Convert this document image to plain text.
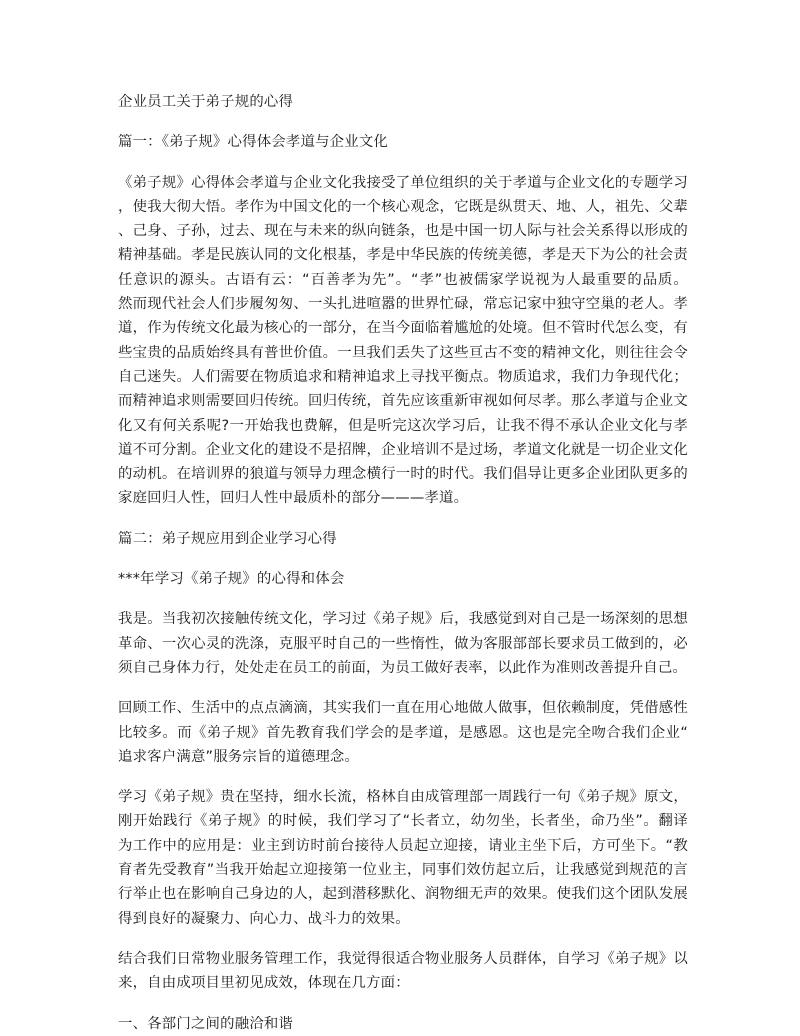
企业员工关于弟子规的心得

篇一：《弟子规》心得体会孝道与企业文化

《弟子规》心得体会孝道与企业文化我接受了单位组织的关于孝道与企业文化的专题学习
，使我大彻大悟。孝作为中国文化的一个核心观念，它既是纵贯天、地、人，祖先、父辈
、己身、子孙，过去、现在与未来的纵向链条，也是中国一切人际与社会关系得以形成的
精神基础。孝是民族认同的文化根基，孝是中华民族的传统美德，孝是天下为公的社会责
任意识的源头。古语有云：“百善孝为先”。“孝”也被儒家学说视为人最重要的品质。
然而现代社会人们步履匆匆、一头扎进喧嚣的世界忙碌，常忘记家中独守空巢的老人。孝
道，作为传统文化最为核心的一部分，在当今面临着尴尬的处境。但不管时代怎么变，有
些宝贵的品质始终具有普世价值。一旦我们丢失了这些亘古不变的精神文化，则往往会令
自己迷失。人们需要在物质追求和精神追求上寻找平衡点。物质追求，我们力争现代化；
而精神追求则需要回归传统。回归传统，首先应该重新审视如何尽孝。那么孝道与企业文
化又有何关系呢?一开始我也费解，但是听完这次学习后，让我不得不承认企业文化与孝
道不可分割。企业文化的建设不是招牌，企业培训不是过场，孝道文化就是一切企业文化
的动机。在培训界的狼道与领导力理念横行一时的时代。我们倡导让更多企业团队更多的
家庭回归人性，回归人性中最质朴的部分———孝道。

篇二：弟子规应用到企业学习心得

***年学习《弟子规》的心得和体会

我是。当我初次接触传统文化，学习过《弟子规》后，我感觉到对自己是一场深刻的思想
革命、一次心灵的洗涤，克服平时自己的一些惰性，做为客服部部长要求员工做到的，必
须自己身体力行，处处走在员工的前面，为员工做好表率，以此作为准则改善提升自己。

回顾工作、生活中的点点滴滴，其实我们一直在用心地做人做事，但依赖制度，凭借感性
比较多。而《弟子规》首先教育我们学会的是孝道，是感恩。这也是完全吻合我们企业“
追求客户满意”服务宗旨的道德理念。

学习《弟子规》贵在坚持，细水长流，格林自由成管理部一周践行一句《弟子规》原文，
刚开始践行《弟子规》的时候，我们学习了“长者立，幼勿坐，长者坐，命乃坐”。翻译
为工作中的应用是：业主到访时前台接待人员起立迎接，请业主坐下后，方可坐下。“教
育者先受教育”当我开始起立迎接第一位业主，同事们效仿起立后，让我感觉到规范的言
行举止也在影响自己身边的人，起到潜移默化、润物细无声的效果。使我们这个团队发展
得到良好的凝聚力、向心力、战斗力的效果。

结合我们日常物业服务管理工作，我觉得很适合物业服务人员群体，自学习《弟子规》以
来，自由成项目里初见成效，体现在几方面：

一、各部门之间的融洽和谐
